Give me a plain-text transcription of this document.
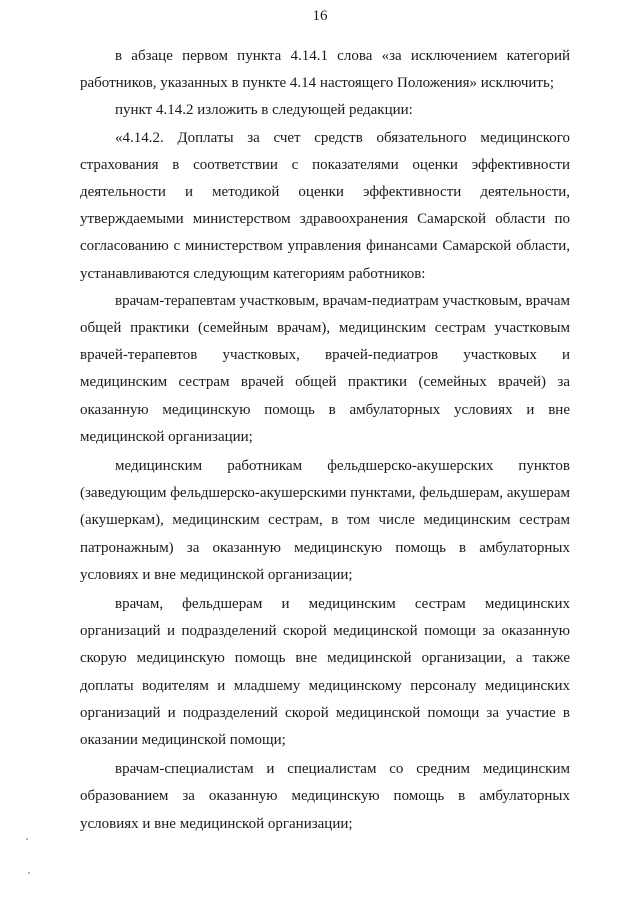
16

в абзаце первом пункта 4.14.1 слова «за исключением категорий работников, указанных в пункте 4.14 настоящего Положения» исключить;

пункт 4.14.2 изложить в следующей редакции:

«4.14.2. Доплаты за счет средств обязательного медицинского страхования в соответствии с показателями оценки эффективности деятельности и методикой оценки эффективности деятельности, утверждаемыми министерством здравоохранения Самарской области по согласованию с министерством управления финансами Самарской области, устанавливаются следующим категориям работников:

врачам-терапевтам участковым, врачам-педиатрам участковым, врачам общей практики (семейным врачам), медицинским сестрам участковым врачей-терапевтов участковых, врачей-педиатров участковых и медицинским сестрам врачей общей практики (семейных врачей) за оказанную медицинскую помощь в амбулаторных условиях и вне медицинской организации;

медицинским работникам фельдшерско-акушерских пунктов (заведующим фельдшерско-акушерскими пунктами, фельдшерам, акушерам (акушеркам), медицинским сестрам, в том числе медицинским сестрам патронажным) за оказанную медицинскую помощь в амбулаторных условиях и вне медицинской организации;

врачам, фельдшерам и медицинским сестрам медицинских организаций и подразделений скорой медицинской помощи за оказанную скорую медицинскую помощь вне медицинской организации, а также доплаты водителям и младшему медицинскому персоналу медицинских организаций и подразделений скорой медицинской помощи за участие в оказании медицинской помощи;

врачам-специалистам и специалистам со средним медицинским образованием за оказанную медицинскую помощь в амбулаторных условиях и вне медицинской организации;
